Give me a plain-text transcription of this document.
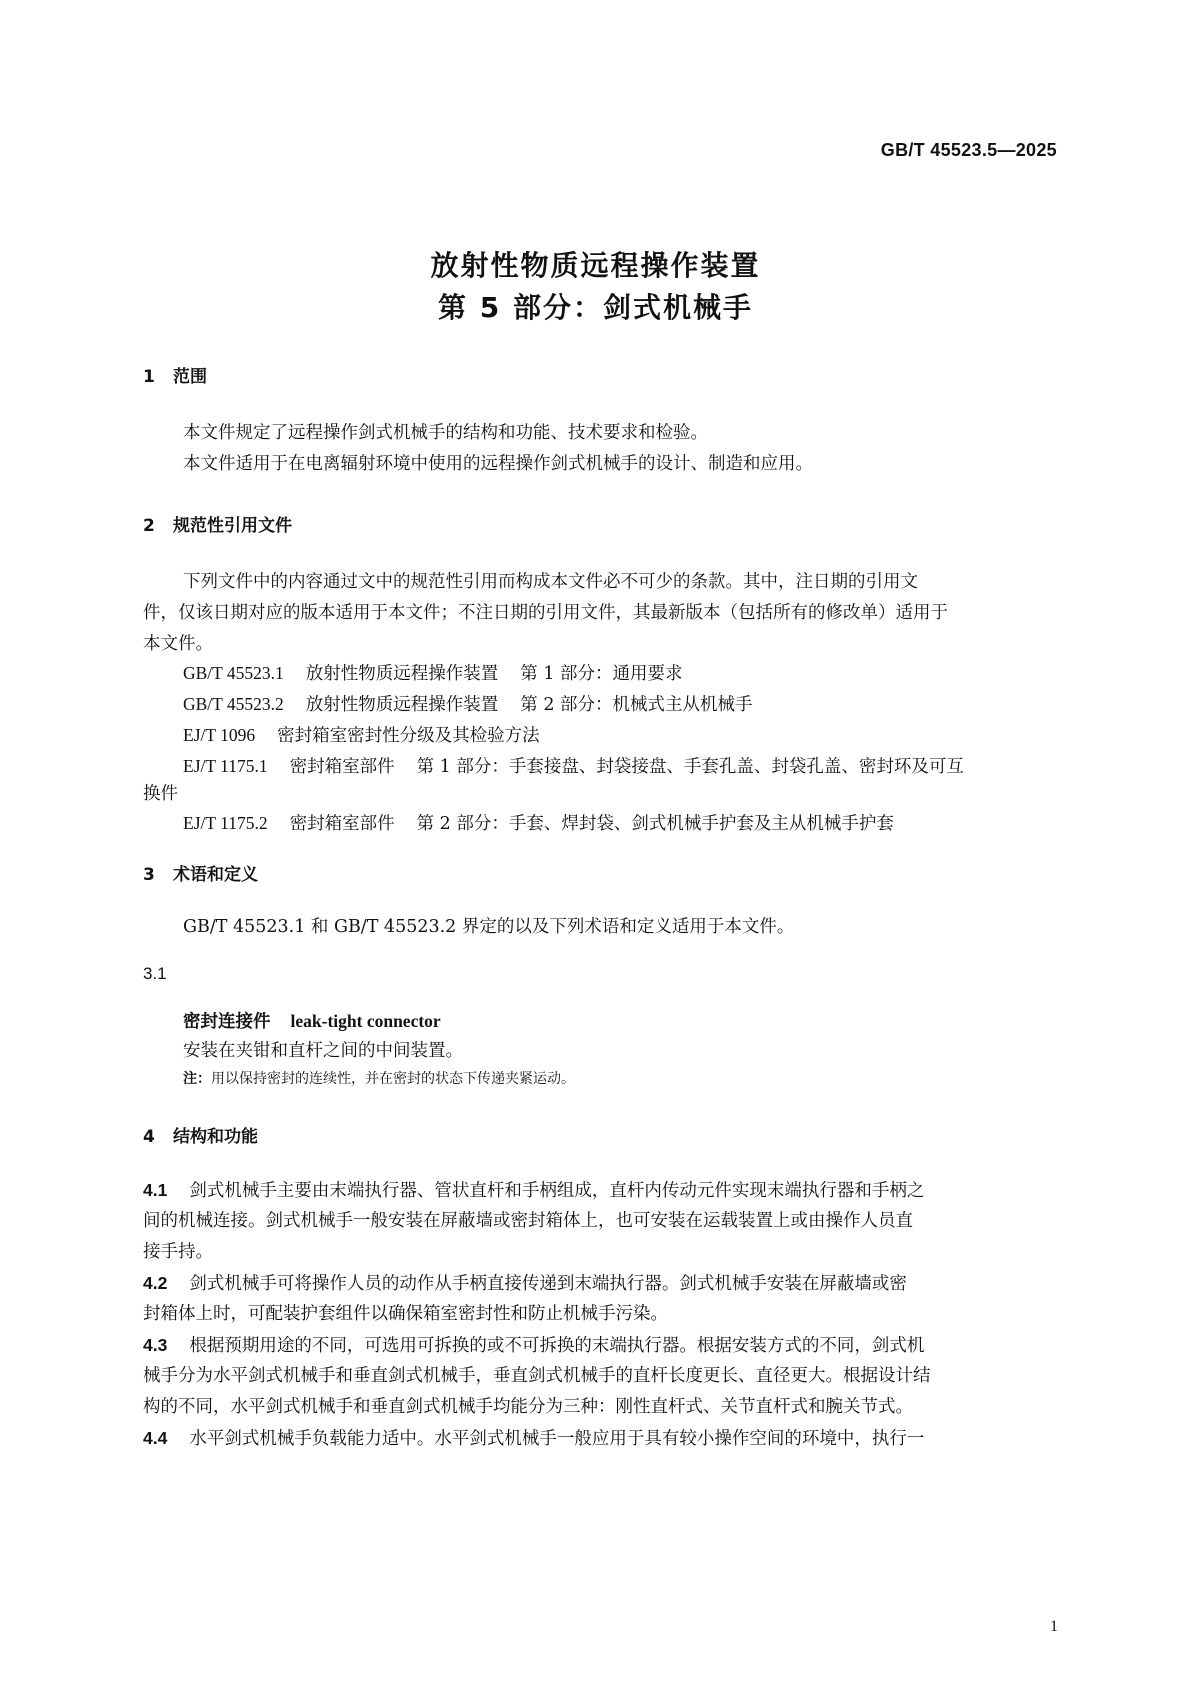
GB/T 45523.5—2025
放射性物质远程操作装置
第 5 部分：剑式机械手
1 范围
本文件规定了远程操作剑式机械手的结构和功能、技术要求和检验。
本文件适用于在电离辐射环境中使用的远程操作剑式机械手的设计、制造和应用。
2 规范性引用文件
下列文件中的内容通过文中的规范性引用而构成本文件必不可少的条款。其中，注日期的引用文
件，仅该日期对应的版本适用于本文件；不注日期的引用文件，其最新版本（包括所有的修改单）适用于
本文件。
GB/T 45523.1 放射性物质远程操作装置 第 1 部分：通用要求
GB/T 45523.2 放射性物质远程操作装置 第 2 部分：机械式主从机械手
EJ/T 1096 密封箱室密封性分级及其检验方法
EJ/T 1175.1 密封箱室部件 第 1 部分：手套接盘、封袋接盘、手套孔盖、封袋孔盖、密封环及可互
换件
EJ/T 1175.2 密封箱室部件 第 2 部分：手套、焊封袋、剑式机械手护套及主从机械手护套
3 术语和定义
GB/T 45523.1 和 GB/T 45523.2 界定的以及下列术语和定义适用于本文件。
3.1
密封连接件 leak-tight connector
安装在夹钳和直杆之间的中间装置。
注：用以保持密封的连续性，并在密封的状态下传递夹紧运动。
4 结构和功能
4.1 剑式机械手主要由末端执行器、管状直杆和手柄组成，直杆内传动元件实现末端执行器和手柄之
间的机械连接。剑式机械手一般安装在屏蔽墙或密封箱体上，也可安装在运载装置上或由操作人员直
接手持。
4.2 剑式机械手可将操作人员的动作从手柄直接传递到末端执行器。剑式机械手安装在屏蔽墙或密
封箱体上时，可配装护套组件以确保箱室密封性和防止机械手污染。
4.3 根据预期用途的不同，可选用可拆换的或不可拆换的末端执行器。根据安装方式的不同，剑式机
械手分为水平剑式机械手和垂直剑式机械手，垂直剑式机械手的直杆长度更长、直径更大。根据设计结
构的不同，水平剑式机械手和垂直剑式机械手均能分为三种：刚性直杆式、关节直杆式和腕关节式。
4.4 水平剑式机械手负载能力适中。水平剑式机械手一般应用于具有较小操作空间的环境中，执行一
1
